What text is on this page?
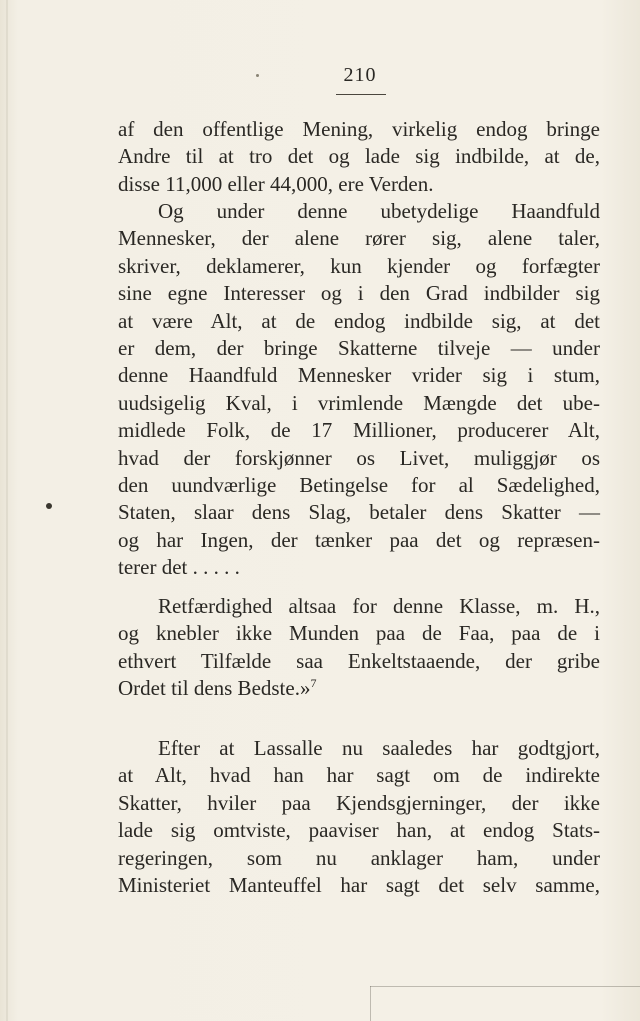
210
af den offentlige Mening, virkelig endog bringe
Andre til at tro det og lade sig indbilde, at de,
disse 11,000 eller 44,000, ere Verden.
Og under denne ubetydelige Haandfuld
Mennesker, der alene rører sig, alene taler,
skriver, deklamerer, kun kjender og forfægter
sine egne Interesser og i den Grad indbilder sig
at være Alt, at de endog indbilde sig, at det
er dem, der bringe Skatterne tilveje — under
denne Haandfuld Mennesker vrider sig i stum,
uudsigelig Kval, i vrimlende Mængde det ube-
midlede Folk, de 17 Millioner, producerer Alt,
hvad der forskjønner os Livet, muliggjør os
den uundværlige Betingelse for al Sædelighed,
Staten, slaar dens Slag, betaler dens Skatter —
og har Ingen, der tænker paa det og repræsen-
terer det . . . . .
Retfærdighed altsaa for denne Klasse, m. H.,
og knebler ikke Munden paa de Faa, paa de i
ethvert Tilfælde saa Enkeltstaaende, der gribe
Ordet til dens Bedste.»$^7$
Efter at Lassalle nu saaledes har godtgjort,
at Alt, hvad han har sagt om de indirekte
Skatter, hviler paa Kjendsgjerninger, der ikke
lade sig omtviste, paaviser han, at endog Stats-
regeringen, som nu anklager ham, under
Ministeriet Manteuffel har sagt det selv samme,
